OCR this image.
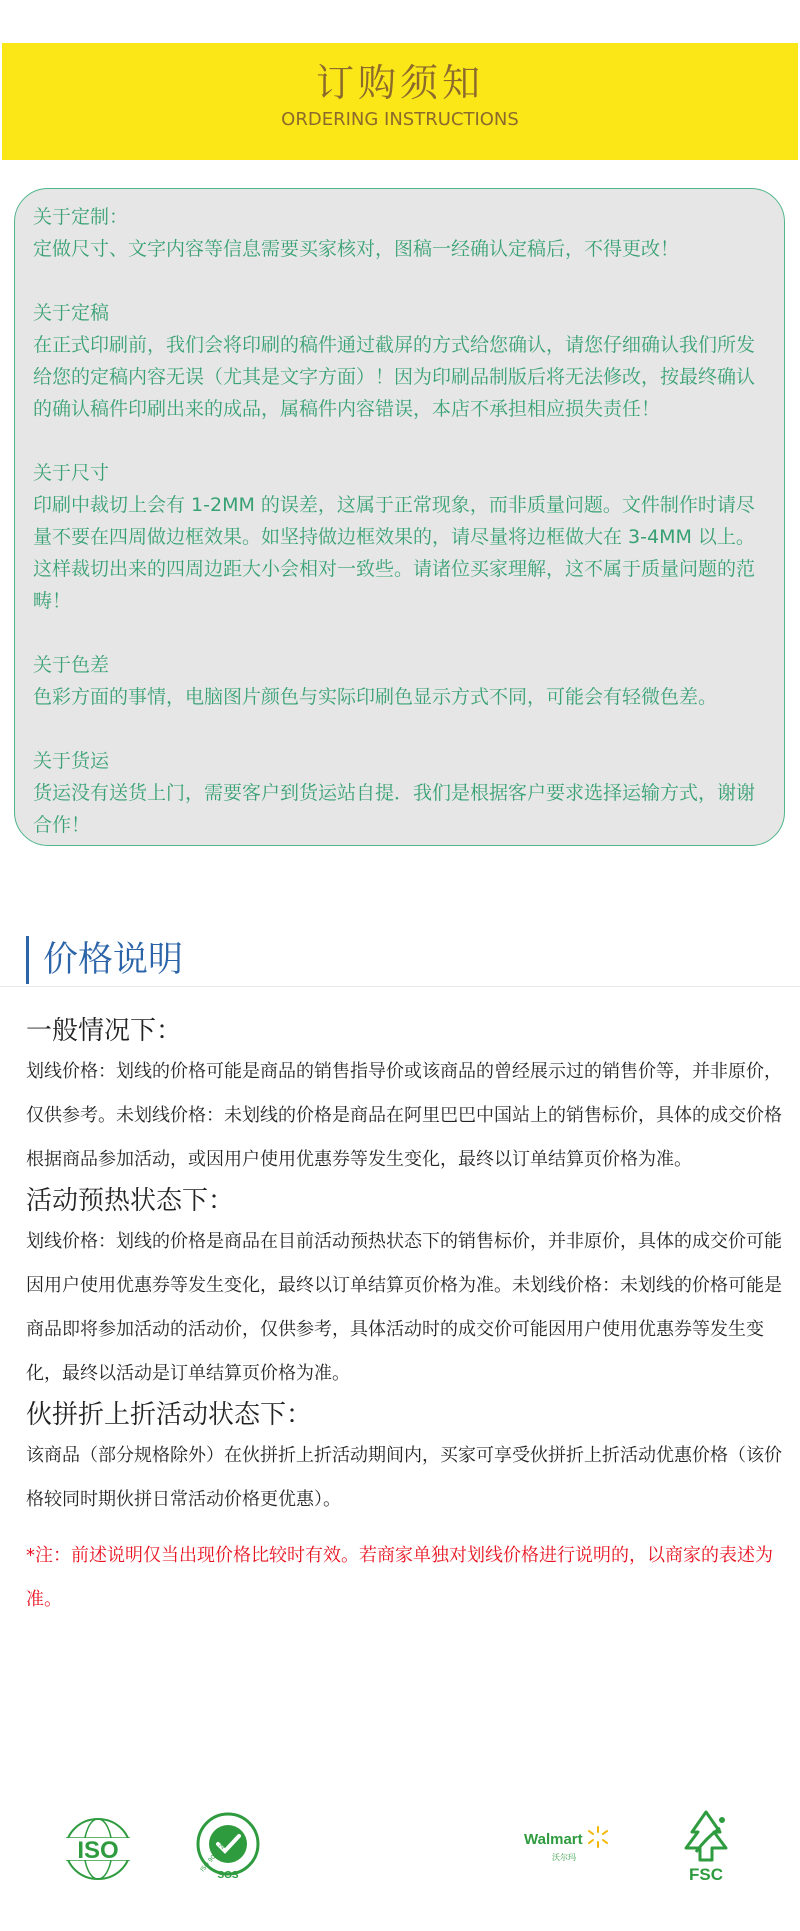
订购须知
ORDERING INSTRUCTIONS

关于定制：

定做尺寸、文字内容等信息需要买家核对，图稿一经确认定稿后，不得更改！

关于定稿

在正式印刷前，我们会将印刷的稿件通过截屏的方式给您确认，请您仔细确认我们所发给您的定稿内容无误（尤其是文字方面）！因为印刷品制版后将无法修改，按最终确认的确认稿件印刷出来的成品，属稿件内容错误，本店不承担相应损失责任！

关于尺寸

印刷中裁切上会有 1-2MM 的误差，这属于正常现象，而非质量问题。文件制作时请尽量不要在四周做边框效果。如坚持做边框效果的，请尽量将边框做大在 3-4MM 以上。这样裁切出来的四周边距大小会相对一致些。请诸位买家理解，这不属于质量问题的范畴！

关于色差

色彩方面的事情，电脑图片颜色与实际印刷色显示方式不同，可能会有轻微色差。

关于货运

货运没有送货上门，需要客户到货运站自提．我们是根据客户要求选择运输方式，谢谢合作！

价格说明
一般情况下：

划线价格：划线的价格可能是商品的销售指导价或该商品的曾经展示过的销售价等，并非原价，仅供参考。未划线价格：未划线的价格是商品在阿里巴巴中国站上的销售标价，具体的成交价格根据商品参加活动，或因用户使用优惠券等发生变化，最终以订单结算页价格为准。

活动预热状态下：

划线价格：划线的价格是商品在目前活动预热状态下的销售标价，并非原价，具体的成交价可能因用户使用优惠券等发生变化，最终以订单结算页价格为准。未划线价格：未划线的价格可能是商品即将参加活动的活动价，仅供参考，具体活动时的成交价可能因用户使用优惠券等发生变化，最终以活动是订单结算页价格为准。

伙拼折上折活动状态下：

该商品（部分规格除外）在伙拼折上折活动期间内，买家可享受伙拼折上折活动优惠价格（该价格较同时期伙拼日常活动价格更优惠）。

*注：前述说明仅当出现价格比较时有效。若商家单独对划线价格进行说明的，以商家的表述为准。

ISO	ISO 9001:2000
SGS
Walmart
沃尔玛
FSC
